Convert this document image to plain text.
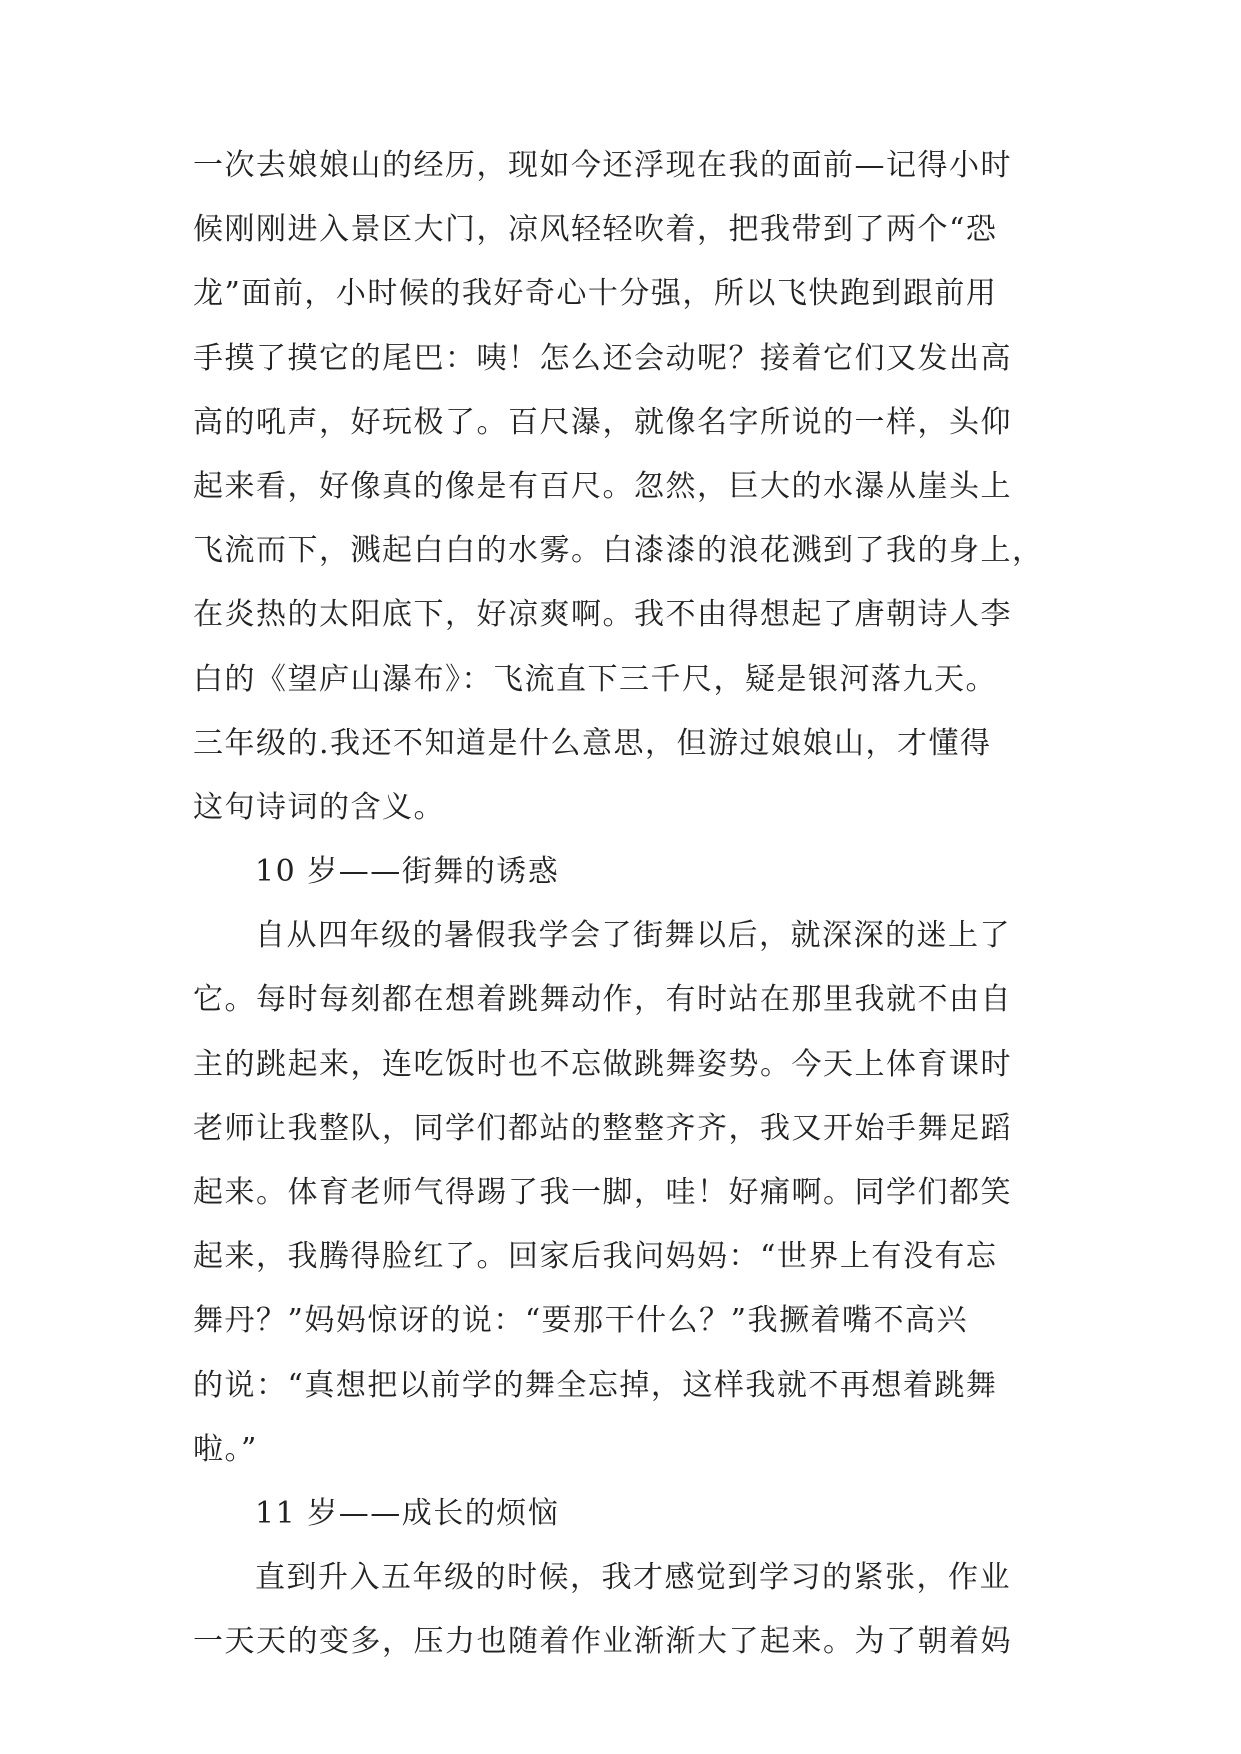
一次去娘娘山的经历，现如今还浮现在我的面前—记得小时
候刚刚进入景区大门，凉风轻轻吹着，把我带到了两个“恐
龙”面前，小时候的我好奇心十分强，所以飞快跑到跟前用
手摸了摸它的尾巴：咦！怎么还会动呢？接着它们又发出高
高的吼声，好玩极了。百尺瀑，就像名字所说的一样，头仰
起来看，好像真的像是有百尺。忽然，巨大的水瀑从崖头上
飞流而下，溅起白白的水雾。白漆漆的浪花溅到了我的身上，
在炎热的太阳底下，好凉爽啊。我不由得想起了唐朝诗人李
白的《望庐山瀑布》：飞流直下三千尺，疑是银河落九天。
三年级的.我还不知道是什么意思，但游过娘娘山，才懂得
这句诗词的含义。
10 岁——街舞的诱惑
自从四年级的暑假我学会了街舞以后，就深深的迷上了
它。每时每刻都在想着跳舞动作，有时站在那里我就不由自
主的跳起来，连吃饭时也不忘做跳舞姿势。今天上体育课时
老师让我整队，同学们都站的整整齐齐，我又开始手舞足蹈
起来。体育老师气得踢了我一脚，哇！好痛啊。同学们都笑
起来，我腾得脸红了。回家后我问妈妈：“世界上有没有忘
舞丹？”妈妈惊讶的说：“要那干什么？”我撅着嘴不高兴
的说：“真想把以前学的舞全忘掉，这样我就不再想着跳舞
啦。”
11 岁——成长的烦恼
直到升入五年级的时候，我才感觉到学习的紧张，作业
一天天的变多，压力也随着作业渐渐大了起来。为了朝着妈
